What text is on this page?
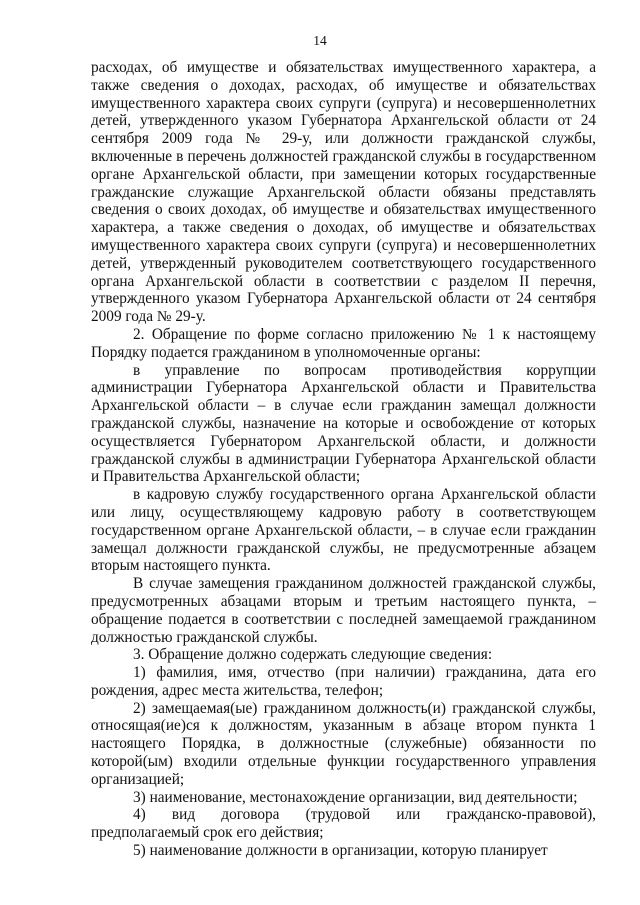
14

расходах, об имуществе и обязательствах имущественного характера, а также сведения о доходах, расходах, об имуществе и обязательствах имущественного характера своих супруги (супруга) и несовершеннолетних детей, утвержденного указом Губернатора Архангельской области от 24 сентября 2009 года № 29-у, или должности гражданской службы, включенные в перечень должностей гражданской службы в государственном органе Архангельской области, при замещении которых государственные гражданские служащие Архангельской области обязаны представлять сведения о своих доходах, об имуществе и обязательствах имущественного характера, а также сведения о доходах, об имуществе и обязательствах имущественного характера своих супруги (супруга) и несовершеннолетних детей, утвержденный руководителем соответствующего государственного органа Архангельской области в соответствии с разделом II перечня, утвержденного указом Губернатора Архангельской области от 24 сентября 2009 года № 29-у.

2. Обращение по форме согласно приложению № 1 к настоящему Порядку подается гражданином в уполномоченные органы:

в управление по вопросам противодействия коррупции администрации Губернатора Архангельской области и Правительства Архангельской области – в случае если гражданин замещал должности гражданской службы, назначение на которые и освобождение от которых осуществляется Губернатором Архангельской области, и должности гражданской службы в администрации Губернатора Архангельской области и Правительства Архангельской области;

в кадровую службу государственного органа Архангельской области или лицу, осуществляющему кадровую работу в соответствующем государственном органе Архангельской области, – в случае если гражданин замещал должности гражданской службы, не предусмотренные абзацем вторым настоящего пункта.

В случае замещения гражданином должностей гражданской службы, предусмотренных абзацами вторым и третьим настоящего пункта, – обращение подается в соответствии с последней замещаемой гражданином должностью гражданской службы.

3. Обращение должно содержать следующие сведения:

1) фамилия, имя, отчество (при наличии) гражданина, дата его рождения, адрес места жительства, телефон;

2) замещаемая(ые) гражданином должность(и) гражданской службы, относящая(ие)ся к должностям, указанным в абзаце втором пункта 1 настоящего Порядка, в должностные (служебные) обязанности по которой(ым) входили отдельные функции государственного управления организацией;

3) наименование, местонахождение организации, вид деятельности;

4) вид договора (трудовой или гражданско-правовой), предполагаемый срок его действия;

5) наименование должности в организации, которую планирует
